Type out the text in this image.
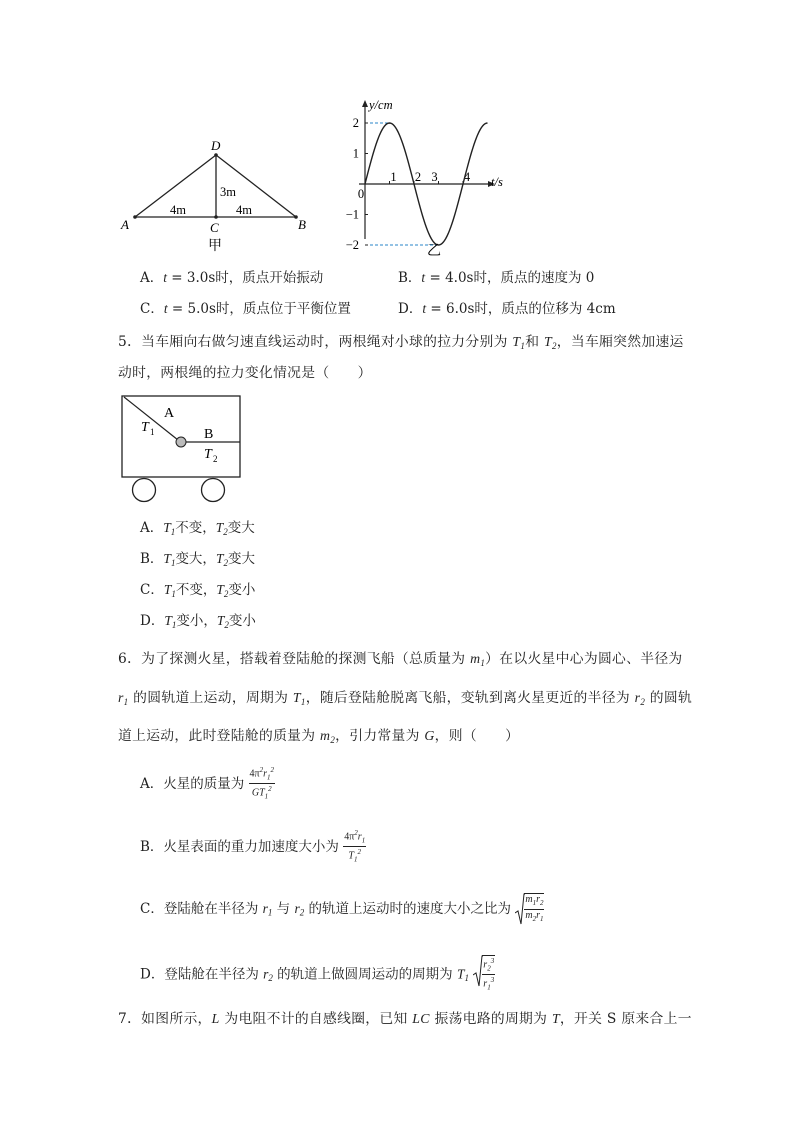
D
A	C	B
4m	4m
3m
甲
2
1
−1
−2
0
1 2 3 4
y/cm
t/s
乙
A．t = 3.0s时，质点开始振动	B．t = 4.0s时，质点的速度为 0
C．t = 5.0s时，质点位于平衡位置	D．t = 6.0s时，质点的位移为 4cm
5．当车厢向右做匀速直线运动时，两根绳对小球的拉力分别为 $T_1$和 $T_2$，当车厢突然加速运
动时，两根绳的拉力变化情况是（　　）
A
B
T 1
T 2
A．$T_1$不变，$T_2$变大
B．$T_1$变大，$T_2$变大
C．$T_1$不变，$T_2$变小
D．$T_1$变小，$T_2$变小
6．为了探测火星，搭载着登陆舱的探测飞船（总质量为 $m_1$）在以火星中心为圆心、半径为
$r_1$ 的圆轨道上运动，周期为 $T_1$，随后登陆舱脱离飞船，变轨到离火星更近的半径为 $r_2$ 的圆轨
道上运动，此时登陆舱的质量为 $m_2$，引力常量为 G，则（　　）
A．火星的质量为 $\frac{4\pi^2r_1^2}{GT_1^2}$
B．火星表面的重力加速度大小为 $\frac{4\pi^2r_1}{T_1^2}$
C．登陆舱在半径为 $r_1$ 与 $r_2$ 的轨道上运动时的速度大小之比为 $\frac{m_1r_2}{m_2r_1}$
D．登陆舱在半径为 $r_2$ 的轨道上做圆周运动的周期为 $T_1 \frac{r_2^3}{r_1^3}$
7．如图所示，L 为电阻不计的自感线圈，已知 LC 振荡电路的周期为 T，开关 S 原来合上一
